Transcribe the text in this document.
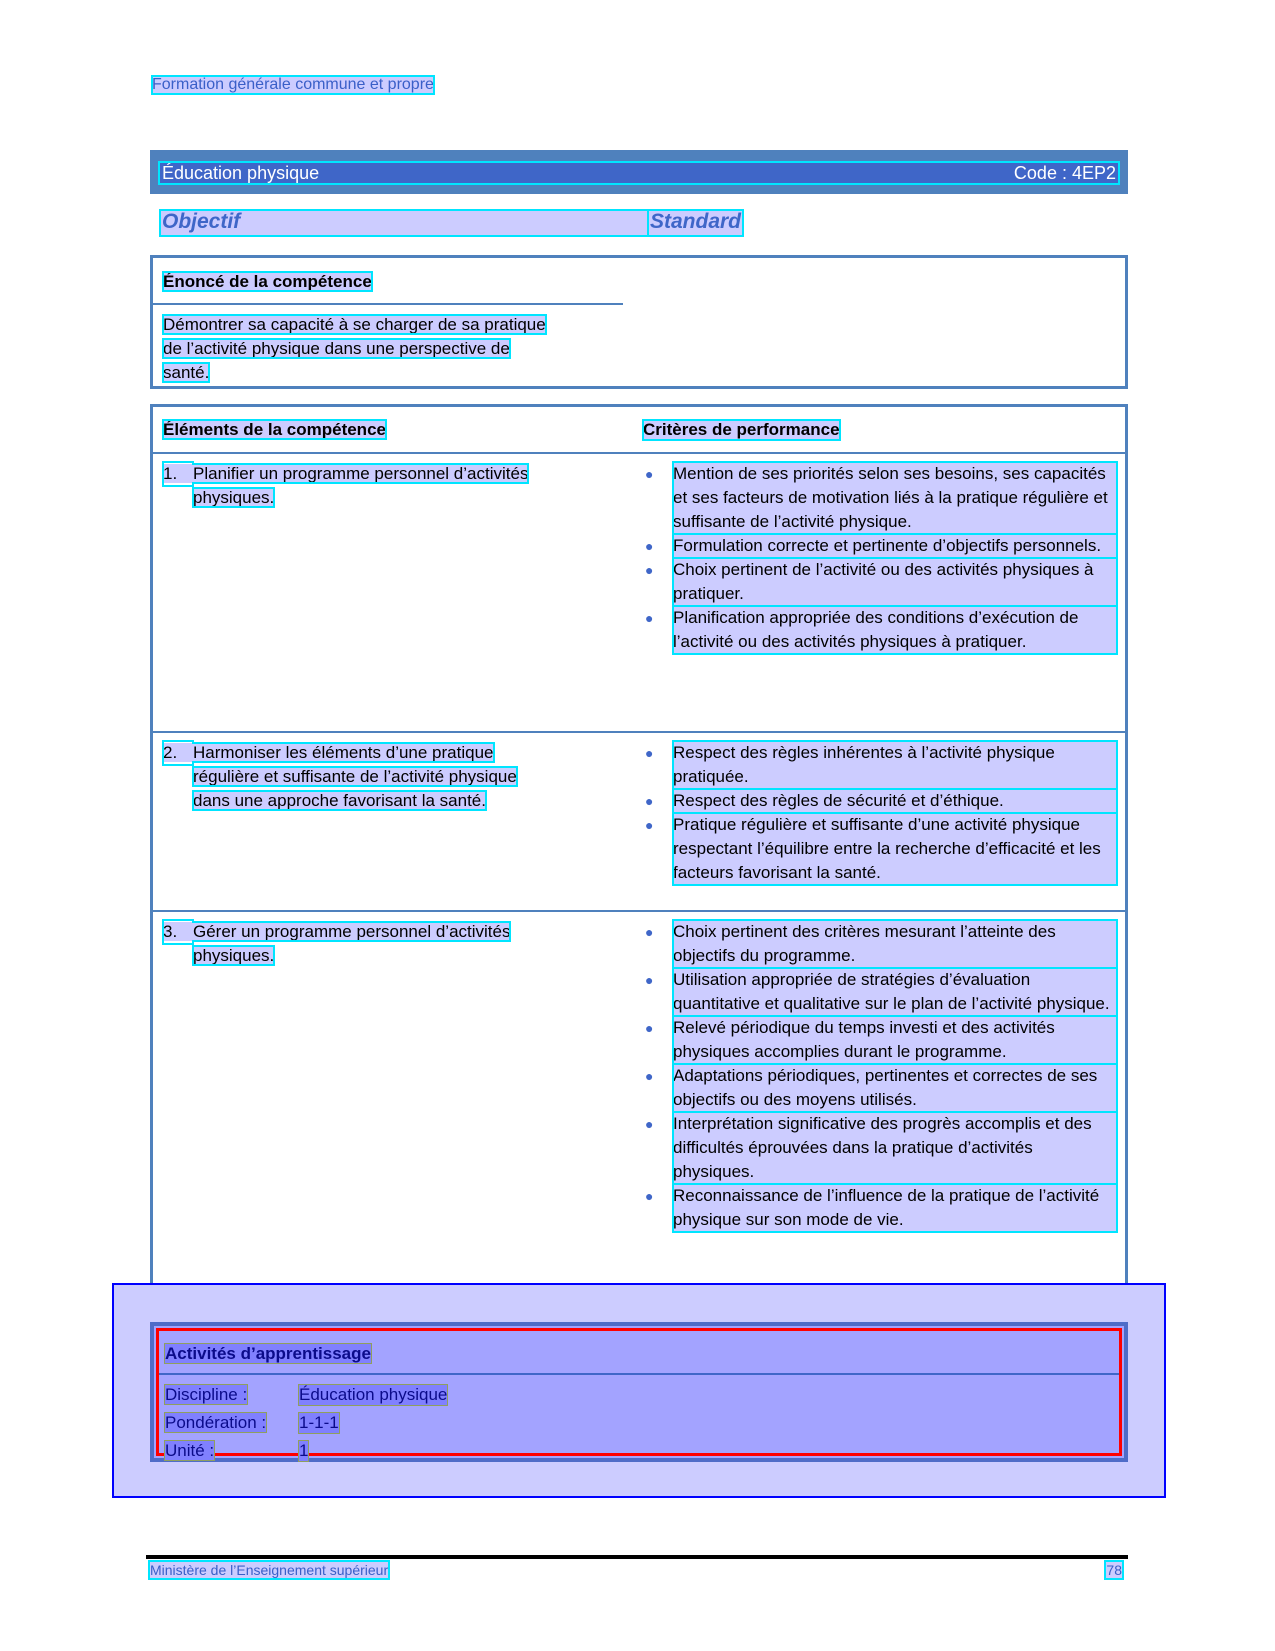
Formation générale commune et propre
Éducation physique	Code : 4EP2
Objectif	Standard
Énoncé de la compétence
Démontrer sa capacité à se charger de sa pratique
de l’activité physique dans une perspective de
santé.
Éléments de la compétence	Critères de performance
1. Planifier un programme personnel d’activités
physiques.
●	Mention de ses priorités selon ses besoins, ses capacités et ses facteurs de motivation liés à la pratique régulière et suffisante de l’activité physique.
●	Formulation correcte et pertinente d’objectifs personnels.
●	Choix pertinent de l’activité ou des activités physiques à pratiquer.
●	Planification appropriée des conditions d’exécution de l’activité ou des activités physiques à pratiquer.
2. Harmoniser les éléments d’une pratique
régulière et suffisante de l’activité physique
dans une approche favorisant la santé.
●	Respect des règles inhérentes à l’activité physique pratiquée.
●	Respect des règles de sécurité et d’éthique.
●	Pratique régulière et suffisante d’une activité physique respectant l’équilibre entre la recherche d’efficacité et les facteurs favorisant la santé.
3. Gérer un programme personnel d’activités
physiques.
●	Choix pertinent des critères mesurant l’atteinte des objectifs du programme.
●	Utilisation appropriée de stratégies d’évaluation quantitative et qualitative sur le plan de l’activité physique.
●	Relevé périodique du temps investi et des activités physiques accomplies durant le programme.
●	Adaptations périodiques, pertinentes et correctes de ses objectifs ou des moyens utilisés.
●	Interprétation significative des progrès accomplis et des difficultés éprouvées dans la pratique d’activités physiques.
●	Reconnaissance de l’influence de la pratique de l’activité physique sur son mode de vie.
Activités d’apprentissage
Discipline :	Éducation physique
Pondération :	1-1-1
Unité :	1
Ministère de l’Enseignement supérieur	78
